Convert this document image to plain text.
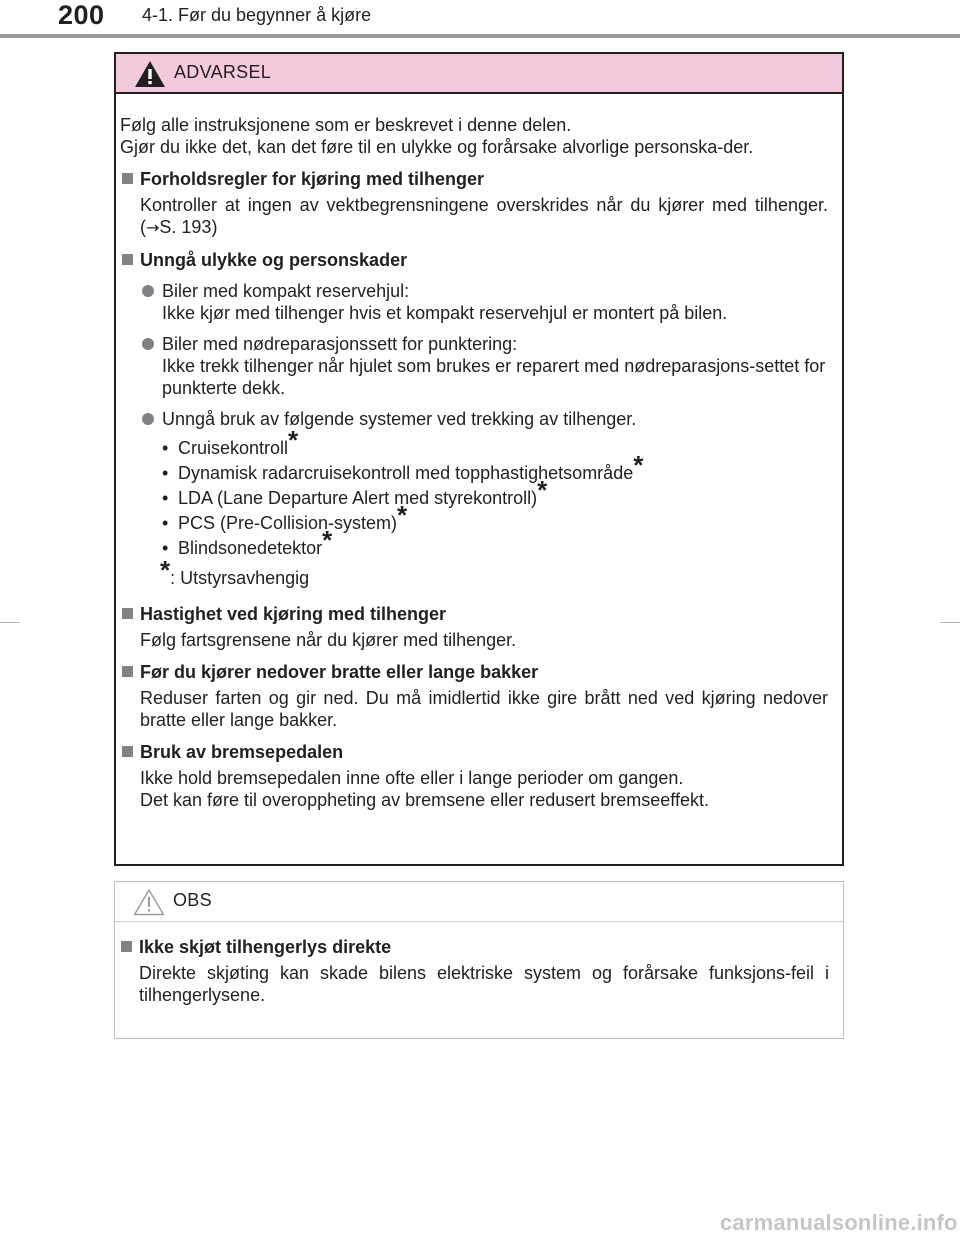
200 4-1. Før du begynner å kjøre
ADVARSEL

Følg alle instruksjonene som er beskrevet i denne delen.

Gjør du ikke det, kan det føre til en ulykke og forårsake alvorlige personska-der.

Forholdsregler for kjøring med tilhenger

Kontroller at ingen av vektbegrensningene overskrides når du kjører med tilhenger. (→S. 193)

Unngå ulykke og personskader
Biler med kompakt reservehjul:
Ikke kjør med tilhenger hvis et kompakt reservehjul er montert på bilen.
Biler med nødreparasjonssett for punktering:
Ikke trekk tilhenger når hjulet som brukes er reparert med nødreparasjons-settet for punkterte dekk.
Unngå bruk av følgende systemer ved trekking av tilhenger.
• Cruisekontroll*
• Dynamisk radarcruisekontroll med topphastighetsområde*
• LDA (Lane Departure Alert med styrekontroll)*
• PCS (Pre-Collision-system)*
• Blindsonedetektor*
*: Utstyrsavhengig
Hastighet ved kjøring med tilhenger

Følg fartsgrensene når du kjører med tilhenger.

Før du kjører nedover bratte eller lange bakker

Reduser farten og gir ned. Du må imidlertid ikke gire brått ned ved kjøring nedover bratte eller lange bakker.

Bruk av bremsepedalen

Ikke hold bremsepedalen inne ofte eller i lange perioder om gangen.
Det kan føre til overoppheting av bremsene eller redusert bremseeffekt.

OBS
Ikke skjøt tilhengerlys direkte

Direkte skjøting kan skade bilens elektriske system og forårsake funksjons-feil i tilhengerlysene.

carmanualsonline.info
